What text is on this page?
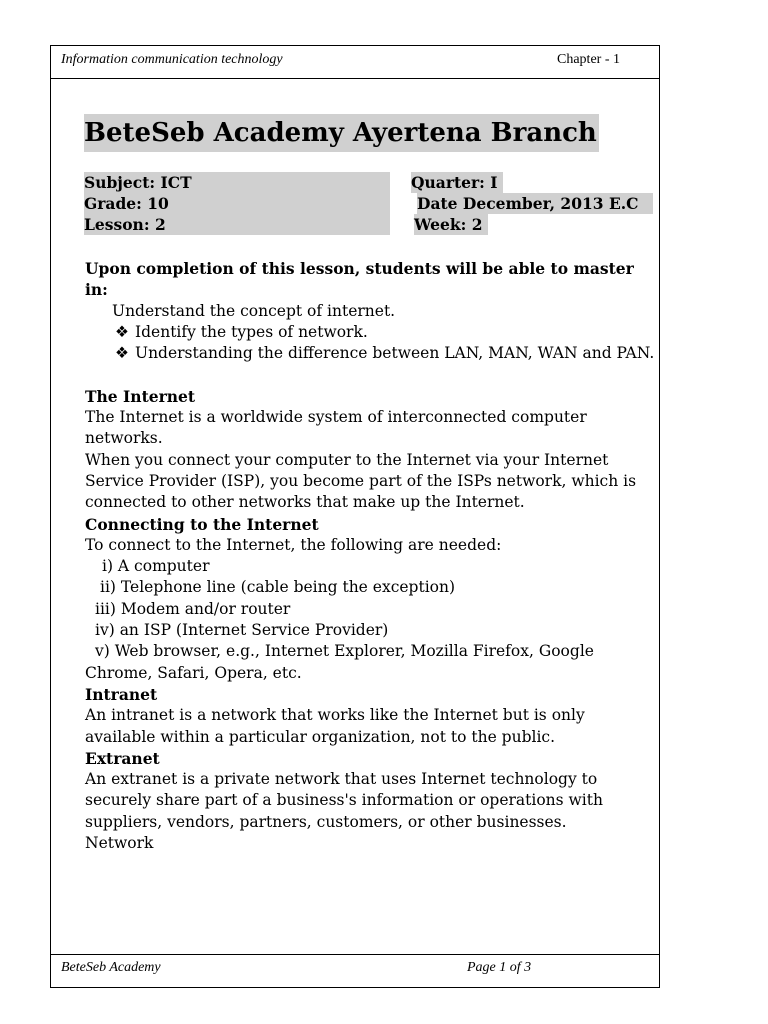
Information communication technology	Chapter - 1
BeteSeb Academy Ayertena Branch
Subject: ICT	Quarter: I
Grade: 10	Date December, 2013 E.C
Lesson: 2	Week: 2

Upon completion of this lesson, students will be able to master in:

Understand the concept of internet.

❖ Identify the types of network.
❖ Understanding the difference between LAN, MAN, WAN and PAN.

The Internet

The Internet is a worldwide system of interconnected computer networks.

When you connect your computer to the Internet via your Internet Service Provider (ISP), you become part of the ISPs network, which is connected to other networks that make up the Internet.

Connecting to the Internet

To connect to the Internet, the following are needed:

i) A computer

ii) Telephone line (cable being the exception)

iii) Modem and/or router

iv) an ISP (Internet Service Provider)

v) Web browser, e.g., Internet Explorer, Mozilla Firefox, Google Chrome, Safari, Opera, etc.

Intranet

An intranet is a network that works like the Internet but is only available within a particular organization, not to the public.

Extranet

An extranet is a private network that uses Internet technology to securely share part of a business's information or operations with suppliers, vendors, partners, customers, or other businesses.

Network

BeteSeb Academy	Page 1 of 3
